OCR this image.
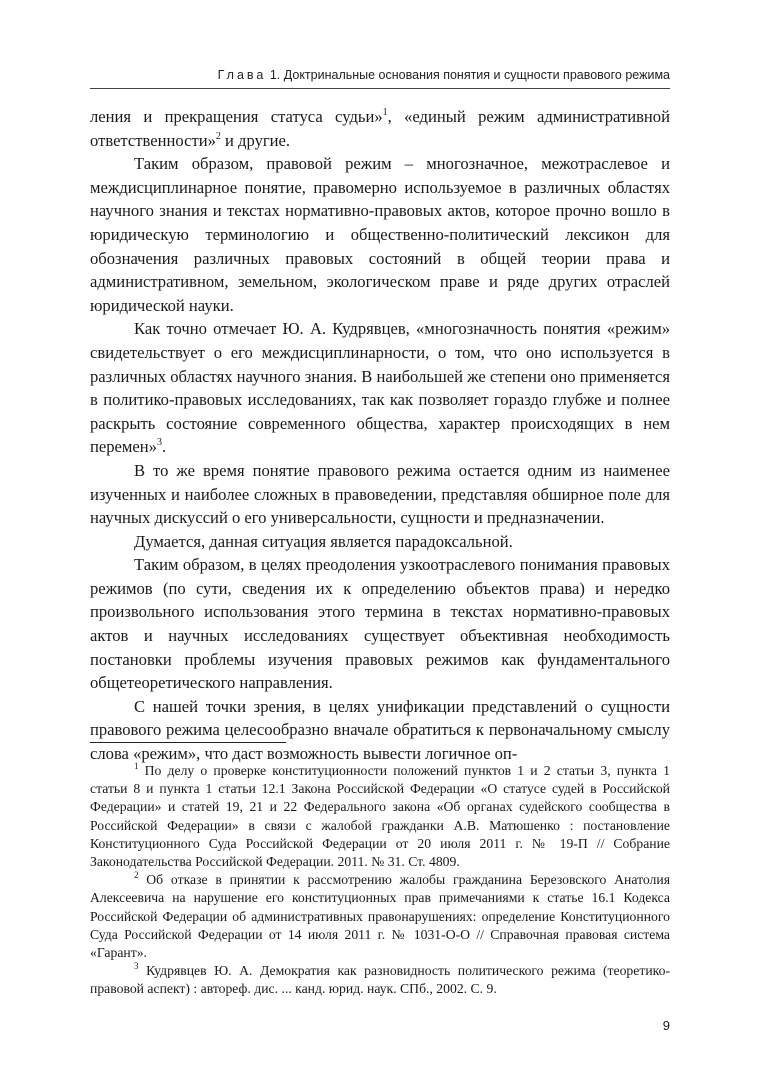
Глава 1. Доктринальные основания понятия и сущности правового режима

ления и прекращения статуса судьи»$^1$, «единый режим административной ответственности»$^2$ и другие.

Таким образом, правовой режим – многозначное, межотраслевое и междисциплинарное понятие, правомерно используемое в различных областях научного знания и текстах нормативно-правовых актов, которое прочно вошло в юридическую терминологию и общественно-политический лексикон для обозначения различных правовых состояний в общей теории права и административном, земельном, экологическом праве и ряде других отраслей юридической науки.

Как точно отмечает Ю. А. Кудрявцев, «многозначность понятия «режим» свидетельствует о его междисциплинарности, о том, что оно используется в различных областях научного знания. В наибольшей же степени оно применяется в политико-правовых исследованиях, так как позволяет гораздо глубже и полнее раскрыть состояние современного общества, характер происходящих в нем перемен»$^3$.

В то же время понятие правового режима остается одним из наименее изученных и наиболее сложных в правоведении, представляя обширное поле для научных дискуссий о его универсальности, сущности и предназначении.

Думается, данная ситуация является парадоксальной.

Таким образом, в целях преодоления узкоотраслевого понимания правовых режимов (по сути, сведения их к определению объектов права) и нередко произвольного использования этого термина в текстах нормативно-правовых актов и научных исследованиях существует объективная необходимость постановки проблемы изучения правовых режимов как фундаментального общетеоретического направления.

С нашей точки зрения, в целях унификации представлений о сущности правового режима целесообразно вначале обратиться к первоначальному смыслу слова «режим», что даст возможность вывести логичное оп-

$^1$ По делу о проверке конституционности положений пунктов 1 и 2 статьи 3, пункта 1 статьи 8 и пункта 1 статьи 12.1 Закона Российской Федерации «О статусе судей в Российской Федерации» и статей 19, 21 и 22 Федерального закона «Об органах судейского сообщества в Российской Федерации» в связи с жалобой гражданки А.В. Матюшенко : постановление Конституционного Суда Российской Федерации от 20 июля 2011 г. № 19-П // Собрание Законодательства Российской Федерации. 2011. № 31. Ст. 4809.

$^2$ Об отказе в принятии к рассмотрению жалобы гражданина Березовского Анатолия Алексеевича на нарушение его конституционных прав примечаниями к статье 16.1 Кодекса Российской Федерации об административных правонарушениях: определение Конституционного Суда Российской Федерации от 14 июля 2011 г. № 1031-О-О // Справочная правовая система «Гарант».

$^3$ Кудрявцев Ю. А. Демократия как разновидность политического режима (теоретико-правовой аспект) : автореф. дис. ... канд. юрид. наук. СПб., 2002. С. 9.

9
